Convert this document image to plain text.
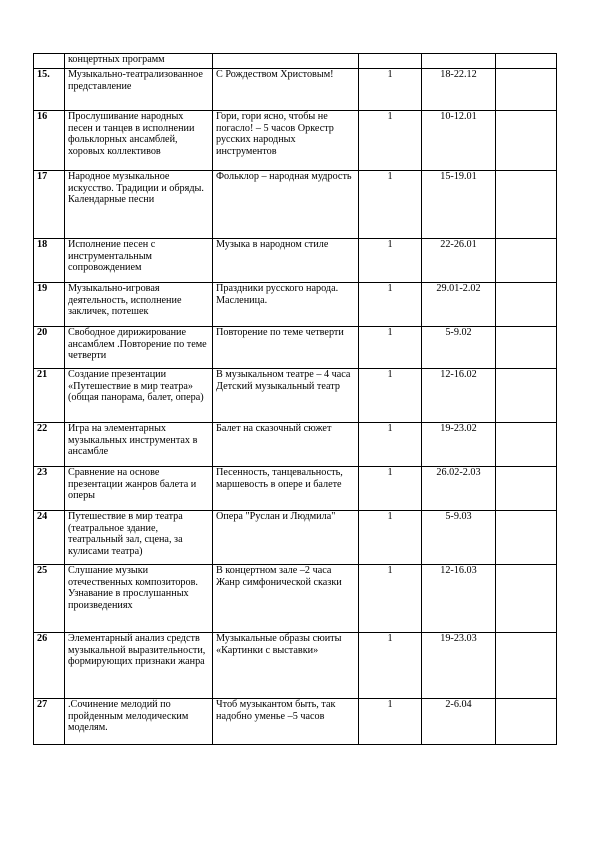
	концертных программ				
15.	Музыкально-театрализованное представление	С Рождеством Христовым!	1	18-22.12	
16	Прослушивание народных песен и танцев в исполнении фольклорных ансамблей, хоровых коллективов	Гори, гори ясно, чтобы не погасло! – 5 часов Оркестр русских народных инструментов	1	10-12.01	
17	Народное музыкальное искусство. Традиции и обряды. Календарные песни	Фольклор – народная мудрость	1	15-19.01	
18	Исполнение песен с инструментальным сопровождением	Музыка в народном стиле	1	22-26.01	
19	Музыкально-игровая деятельность, исполнение закличек, потешек	Праздники русского народа. Масленица.	1	29.01-2.02	
20	Свободное дирижирование ансамблем .Повторение по теме четверти	Повторение по теме четверти	1	5-9.02	
21	Создание презентации «Путешествие в мир театра» (общая панорама, балет, опера)	В музыкальном театре – 4 часа Детский музыкальный театр	1	12-16.02	
22	Игра на элементарных музыкальных инструментах в ансамбле	Балет на сказочный сюжет	1	19-23.02	
23	Сравнение на основе презентации жанров балета и оперы	Песенность, танцевальность, маршевость в опере и балете	1	26.02-2.03	
24	Путешествие в мир театра (театральное здание, театральный зал, сцена, за кулисами театра)	Опера "Руслан и Людмила"	1	5-9.03	
25	Слушание музыки отечественных композиторов. Узнавание в прослушанных произведениях	В концертном зале –2 часа Жанр симфонической сказки	1	12-16.03	
26	Элементарный анализ средств музыкальной выразительности, формирующих признаки жанра	Музыкальные образы сюиты «Картинки с выставки»	1	19-23.03	
27	.Сочинение мелодий по пройденным мелодическим моделям.	Чтоб музыкантом быть, так надобно уменье –5 часов	1	2-6.04	
